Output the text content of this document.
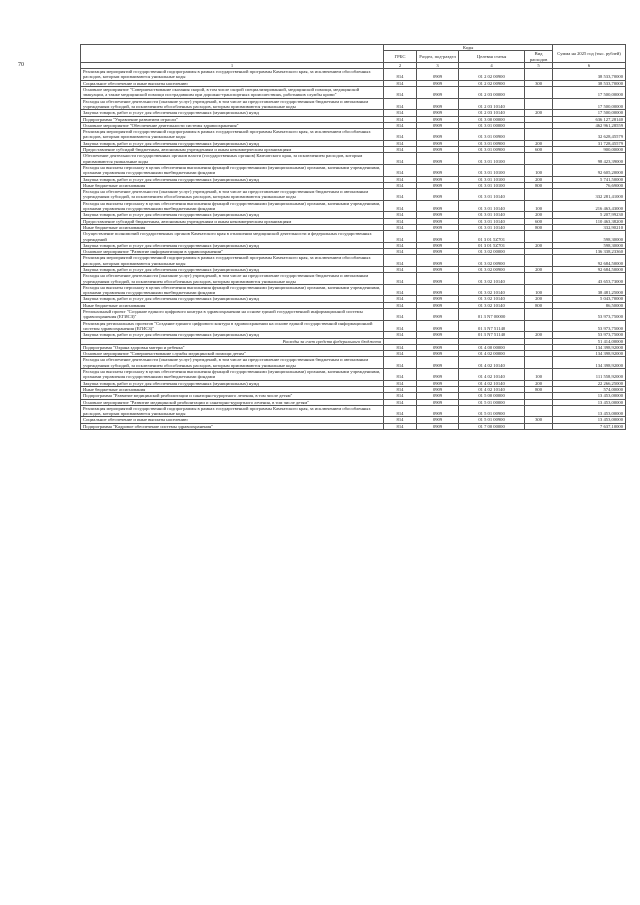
	Коды				Сумма на 2025 год (тыс. рублей)
	ГРБС	Раздел, под-раздел	Целевая статья	Вид расходов	
1	2	3	4	5	6
Реализация мероприятий государственной подпрограммы в рамках государственной программы Камчатского края, за исключением обособленных расходов, которым присваиваются уникальные коды	814	0909	01 2 02 00900		38 533,70000
Социальное обеспечение и иные выплаты населению	814	0909	01 2 02 00900	300	38 533,70000
Основное мероприятие "Совершенствование оказания скорой, в том числе скорой специализированной, медицинской помощи, медицинской эвакуации, а также медицинской помощи пострадавшим при дорожно-транспортных происшествиях, работников службы крови"	814	0909	01 2 03 00000		17 500,00000
Расходы на обеспечение деятельности (оказание услуг) учреждений, в том числе на предоставление государственным бюджетным и автономным учреждениям субсидий, за исключением обособленных расходов, которым присваиваются уникальные коды	814	0909	01 2 03 10140		17 500,00000
Закупка товаров, работ и услуг для обеспечения государственных (муниципальных) нужд	814	0909	01 2 03 10140	200	17 500,00000
Подпрограмма "Управление развитием отрасли"	814	0909	01 3 00 00000		636 127,28140
Основное мероприятие "Обеспечение деятельности системы здравоохранения"	814	0909	01 3 01 00000		462 961,28559
Реализация мероприятий государственной подпрограммы в рамках государственной программы Камчатского края, за исключением обособленных расходов, которым присваиваются уникальные коды	814	0909	01 3 01 00900		32 628,45579
Закупка товаров, работ и услуг для обеспечения государственных (муниципальных) нужд	814	0909	01 3 01 00900	200	31 728,45579
Предоставление субсидий бюджетным, автономным учреждениям и иным некоммерческим организациям	814	0909	01 3 01 00900	600	900,00000
Обеспечение деятельности государственных органов власти (государственных органов) Камчатского края, за исключением расходов, которым присваиваются уникальные коды	814	0909	01 3 01 10100		98 423,39000
Расходы на выплаты персоналу в целях обеспечения выполнения функций государственными (муниципальными) органами, казенными учреждениями, органами управления государственными внебюджетными фондами	814	0909	01 3 01 10100	100	92 605,20000
Закупка товаров, работ и услуг для обеспечения государственных (муниципальных) нужд	814	0909	01 3 01 10100	200	5 741,50000
Иные бюджетные ассигнования	814	0909	01 3 01 10100	800	76,69000
Расходы на обеспечение деятельности (оказание услуг) учреждений, в том числе на предоставление государственным бюджетным и автономным учреждениям субсидий, за исключением обособленных расходов, которым присваиваются уникальные коды	814	0909	01 3 01 10140		332 281,41000
Расходы на выплаты персоналу в целях обеспечения выполнения функций государственными (муниципальными) органами, казенными учреждениями, органами управления государственными внебюджетными фондами	814	0909	01 3 01 10140	100	216 463,43000
Закупка товаров, работ и услуг для обеспечения государственных (муниципальных) нужд	814	0909	01 3 01 10140	200	5 207,99230
Предоставление субсидий бюджетным, автономным учреждениям и иным некоммерческим организациям	814	0909	01 3 01 10140	600	110 463,38200
Иные бюджетные ассигнования	814	0909	01 3 01 10140	800	332,90210
Осуществление полномочий государственных органов Камчатского края в отношении медицинской деятельности и федеральных государственных учреждений	814	0909	01 3 01 5Z701		598,30000
Закупка товаров, работ и услуг для обеспечения государственных (муниципальных) нужд	814	0909	01 3 01 5Z701	200	598,30000
Основное мероприятие "Развитие информатизации в здравоохранении"	814	0909	01 3 02 00000		136 338,23360
Реализация мероприятий государственной подпрограммы в рамках государственной программы Камчатского края, за исключением обособленных расходов, которым присваиваются уникальные коды	814	0909	01 3 02 00900		92 684,50000
Закупка товаров, работ и услуг для обеспечения государственных (муниципальных) нужд	814	0909	01 3 02 00900	200	92 684,50000
Расходы на обеспечение деятельности (оказание услуг) учреждений, в том числе на предоставление государственным бюджетным и автономным учреждениям субсидий, за исключением обособленных расходов, которым присваиваются уникальные коды	814	0909	01 3 02 10140		43 653,73000
Расходы на выплаты персоналу в целях обеспечения выполнения функций государственными (муниципальными) органами, казенными учреждениями, органами управления государственными внебюджетными фондами	814	0909	01 3 02 10140	100	38 481,25000
Закупка товаров, работ и услуг для обеспечения государственных (муниципальных) нужд	814	0909	01 3 02 10140	200	5 043,70000
Иные бюджетные ассигнования	814	0909	01 3 02 10140	800	86,50000
Региональный проект "Создание единого цифрового контура в здравоохранении на основе единой государственной информационной системы здравоохранения (ЕГИСЗ)"	814	0909	01 3 N7 00000		53 973,75000
Реализация региональных проектов "Создание единого цифрового контура в здравоохранении на основе единой государственной информационной системы здравоохранения (ЕГИСЗ)"	814	0909	01 3 N7 51140		53 973,75000
Закупка товаров, работ и услуг для обеспечения государственных (муниципальных) нужд	814	0909	01 3 N7 51140	200	53 973,75000
Расходы за счет средств федерального бюджета					51 414,00000
Подпрограмма "Охрана здоровья матери и ребенка"	814	0909	01 4 00 00000		134 398,92000
Основное мероприятие "Совершенствование службы медицинской помощи детям"	814	0909	01 4 02 00000		134 398,92000
Расходы на обеспечение деятельности (оказание услуг) учреждений, в том числе на предоставление государственным бюджетным и автономным учреждениям субсидий, за исключением обособленных расходов, которым присваиваются уникальные коды	814	0909	01 4 02 10140		134 398,92000
Расходы на выплаты персоналу в целях обеспечения выполнения функций государственными (муниципальными) органами, казенными учреждениями, органами управления государственными внебюджетными фондами	814	0909	01 4 02 10140	100	111 558,92000
Закупка товаров, работ и услуг для обеспечения государственных (муниципальных) нужд	814	0909	01 4 02 10140	200	22 266,25000
Иные бюджетные ассигнования	814	0909	01 4 02 10140	800	574,00000
Подпрограмма "Развитие медицинской реабилитации и санаторно-курортного лечения, в том числе детям"	814	0909	01 5 00 00000		13 453,00000
Основное мероприятие "Развитие медицинской реабилитации и санаторно-курортного лечения, в том числе детям"	814	0909	01 5 01 00000		13 453,00000
Реализация мероприятий государственной подпрограммы в рамках государственной программы Камчатского края, за исключением обособленных расходов, которым присваиваются уникальные коды	814	0909	01 5 01 00900		13 453,00000
Социальное обеспечение и иные выплаты населению	814	0909	01 5 01 00900	300	13 453,00000
Подпрограмма "Кадровое обеспечение системы здравоохранения"	814	0909	01 7 00 00000		7 637,10000
70
